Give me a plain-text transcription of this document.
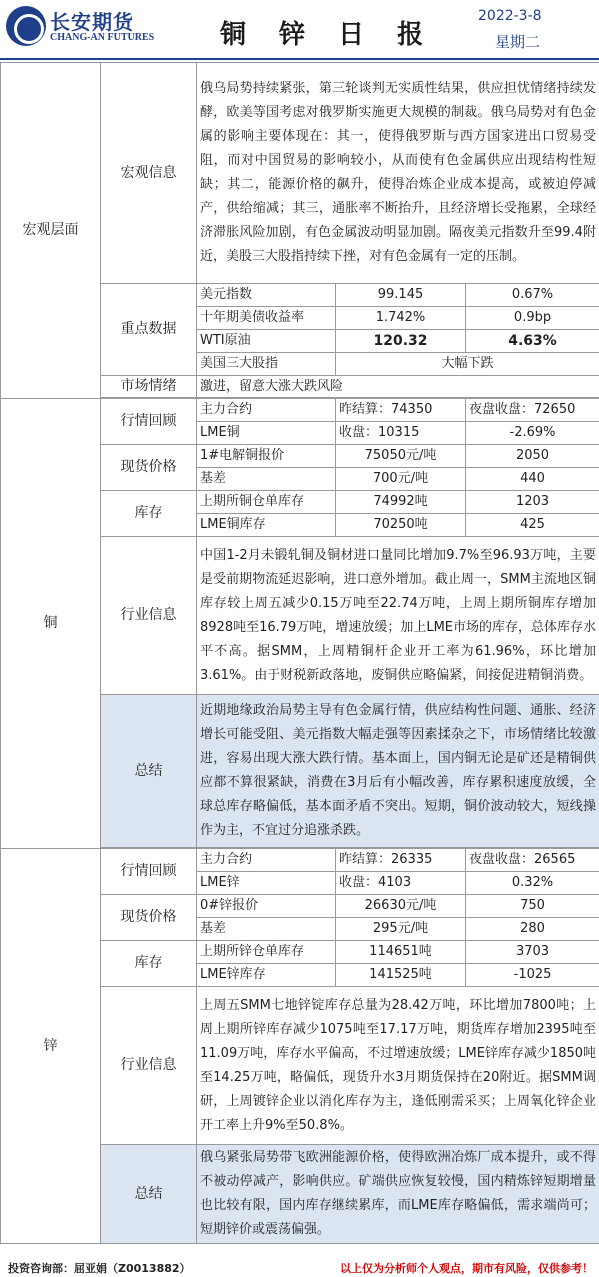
长安期货
CHANG-AN FUTURES	铜 锌 日 报
2022-3-8
星期二
宏观层面	宏观信息	俄乌局势持续紧张，第三轮谈判无实质性结果，供应担忧情绪持续发酵，欧美等国考虑对俄罗斯实施更大规模的制裁。俄乌局势对有色金属的影响主要体现在：其一，使得俄罗斯与西方国家进出口贸易受阻，而对中国贸易的影响较小，从而使有色金属供应出现结构性短缺；其二，能源价格的飙升，使得冶炼企业成本提高，或被迫停减产，供给缩减；其三，通胀率不断抬升，且经济增长受拖累，全球经济滞胀风险加剧，有色金属波动明显加剧。隔夜美元指数升至99.4附近，美股三大股指持续下挫，对有色金属有一定的压制。		
	重点数据	美元指数	99.145	0.67%
		十年期美债收益率	1.742%	0.9bp
		WTI原油	120.32	4.63%
		美国三大股指	大幅下跌	
	市场情绪	激进，留意大涨大跌风险		

铜	行情回顾	主力合约	昨结算：74350	夜盘收盘：72650
		LME铜	收盘：10315	-2.69%
	现货价格	1#电解铜报价	75050元/吨	2050
		基差	700元/吨	440
	库存	上期所铜仓单库存	74992吨	1203
		LME铜库存	70250吨	425
	行业信息	中国1-2月未锻轧铜及铜材进口量同比增加9.7%至96.93万吨，主要是受前期物流延迟影响，进口意外增加。截止周一，SMM主流地区铜库存较上周五减少0.15万吨至22.74万吨，上周上期所铜库存增加8928吨至16.79万吨，增速放缓；加上LME市场的库存，总体库存水平不高。据SMM，上周精铜杆企业开工率为61.96%，环比增加3.61%。由于财税新政落地，废铜供应略偏紧，间接促进精铜消费。		
	总结	近期地缘政治局势主导有色金属行情，供应结构性问题、通胀、经济增长可能受阻、美元指数大幅走强等因素揉杂之下，市场情绪比较激进，容易出现大涨大跌行情。基本面上，国内铜无论是矿还是精铜供应都不算很紧缺，消费在3月后有小幅改善，库存累积速度放缓，全球总库存略偏低，基本面矛盾不突出。短期，铜价波动较大，短线操作为主，不宜过分追涨杀跌。		

锌	行情回顾	主力合约	昨结算：26335	夜盘收盘：26565
		LME锌	收盘：4103	0.32%
	现货价格	0#锌报价	26630元/吨	750
		基差	295元/吨	280
	库存	上期所锌仓单库存	114651吨	3703
		LME锌库存	141525吨	-1025
	行业信息	上周五SMM七地锌锭库存总量为28.42万吨，环比增加7800吨；上周上期所锌库存减少1075吨至17.17万吨，期货库存增加2395吨至11.09万吨，库存水平偏高，不过增速放缓；LME锌库存减少1850吨至14.25万吨，略偏低，现货升水3月期货保持在20附近。据SMM调研，上周镀锌企业以消化库存为主，逢低刚需采买；上周氧化锌企业开工率上升9%至50.8%。		
	总结	俄乌紧张局势带飞欧洲能源价格，使得欧洲冶炼厂成本提升，或不得不被动停减产，影响供应。矿端供应恢复较慢，国内精炼锌短期增量也比较有限，国内库存继续累库，而LME库存略偏低，需求端尚可；短期锌价或震荡偏强。		
投资咨询部：屈亚娟（Z0013882）	以上仅为分析师个人观点，期市有风险，仅供参考！
